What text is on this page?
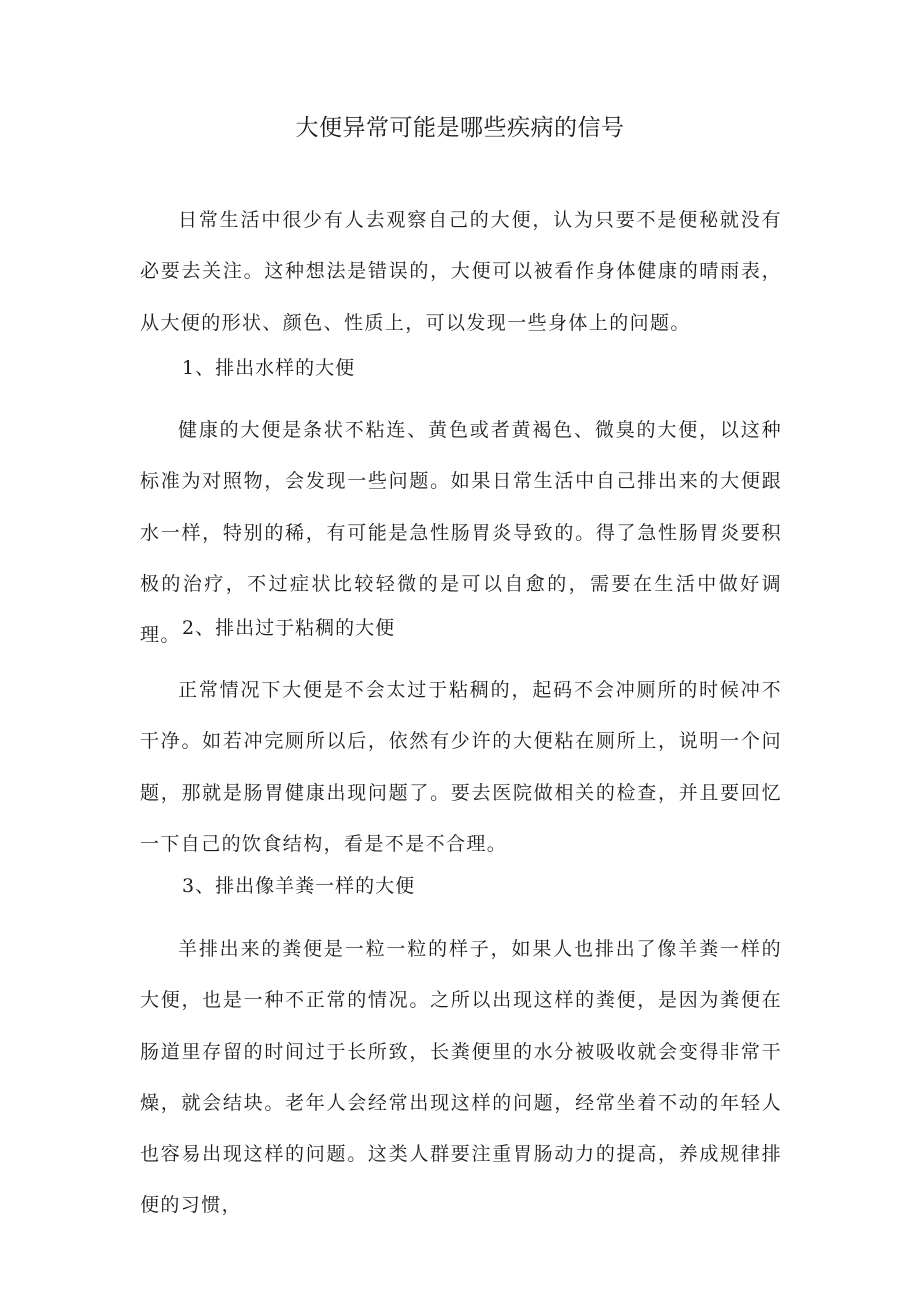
大便异常可能是哪些疾病的信号

日常生活中很少有人去观察自己的大便，认为只要不是便秘就没有必要去关注。这种想法是错误的，大便可以被看作身体健康的晴雨表，从大便的形状、颜色、性质上，可以发现一些身体上的问题。

1、排出水样的大便

健康的大便是条状不粘连、黄色或者黄褐色、微臭的大便，以这种标准为对照物，会发现一些问题。如果日常生活中自己排出来的大便跟水一样，特别的稀，有可能是急性肠胃炎导致的。得了急性肠胃炎要积极的治疗，不过症状比较轻微的是可以自愈的，需要在生活中做好调理。 2、排出过于粘稠的大便

正常情况下大便是不会太过于粘稠的，起码不会冲厕所的时候冲不干净。如若冲完厕所以后，依然有少许的大便粘在厕所上，说明一个问题，那就是肠胃健康出现问题了。要去医院做相关的检查，并且要回忆一下自己的饮食结构，看是不是不合理。

3、排出像羊粪一样的大便

羊排出来的粪便是一粒一粒的样子，如果人也排出了像羊粪一样的大便，也是一种不正常的情况。之所以出现这样的粪便，是因为粪便在肠道里存留的时间过于长所致，长粪便里的水分被吸收就会变得非常干燥，就会结块。老年人会经常出现这样的问题，经常坐着不动的年轻人也容易出现这样的问题。这类人群要注重胃肠动力的提高，养成规律排便的习惯，
